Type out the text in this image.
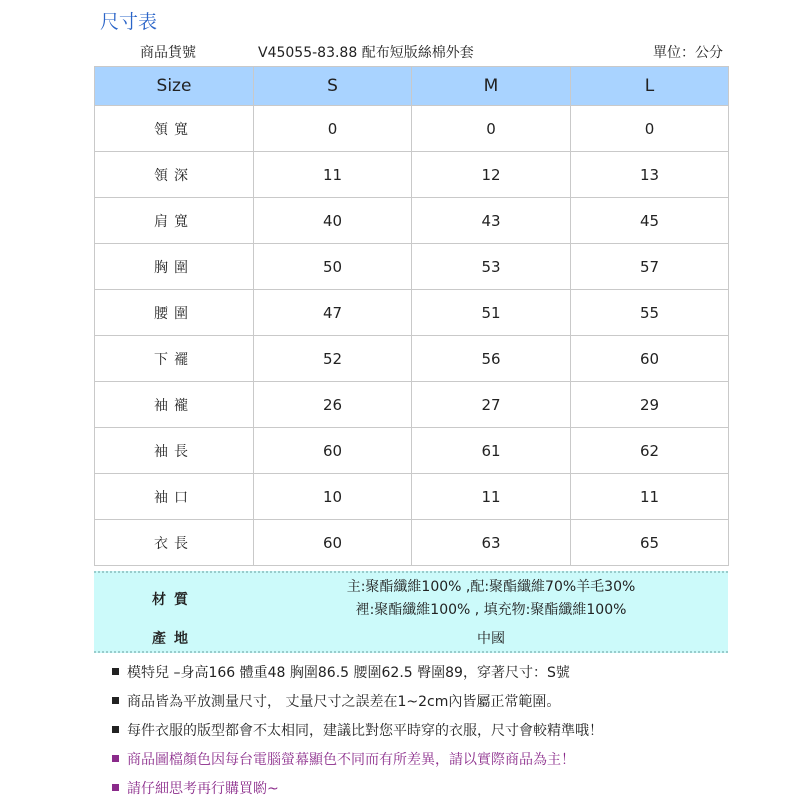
尺寸表
商品貨號	V45055-83.88 配布短版絲棉外套	單位：公分
Size	S	M	L
領寬	0	0	0
領深	11	12	13
肩寬	40	43	45
胸圍	50	53	57
腰圍	47	51	55
下襬	52	56	60
袖襱	26	27	29
袖長	60	61	62
袖口	10	11	11
衣長	60	63	65
材質
主:聚酯纖維100% ,配:聚酯纖維70%羊毛30%
裡:聚酯纖維100% , 填充物:聚酯纖維100%
產地	中國
模特兒 –身高166 體重48 胸圍86.5 腰圍62.5 臀圍89，穿著尺寸：S號
商品皆為平放測量尺寸， 丈量尺寸之誤差在1~2cm內皆屬正常範圍。
每件衣服的版型都會不太相同，建議比對您平時穿的衣服，尺寸會較精準哦！
商品圖檔顏色因每台電腦螢幕顯色不同而有所差異，請以實際商品為主！
請仔細思考再行購買喲~
